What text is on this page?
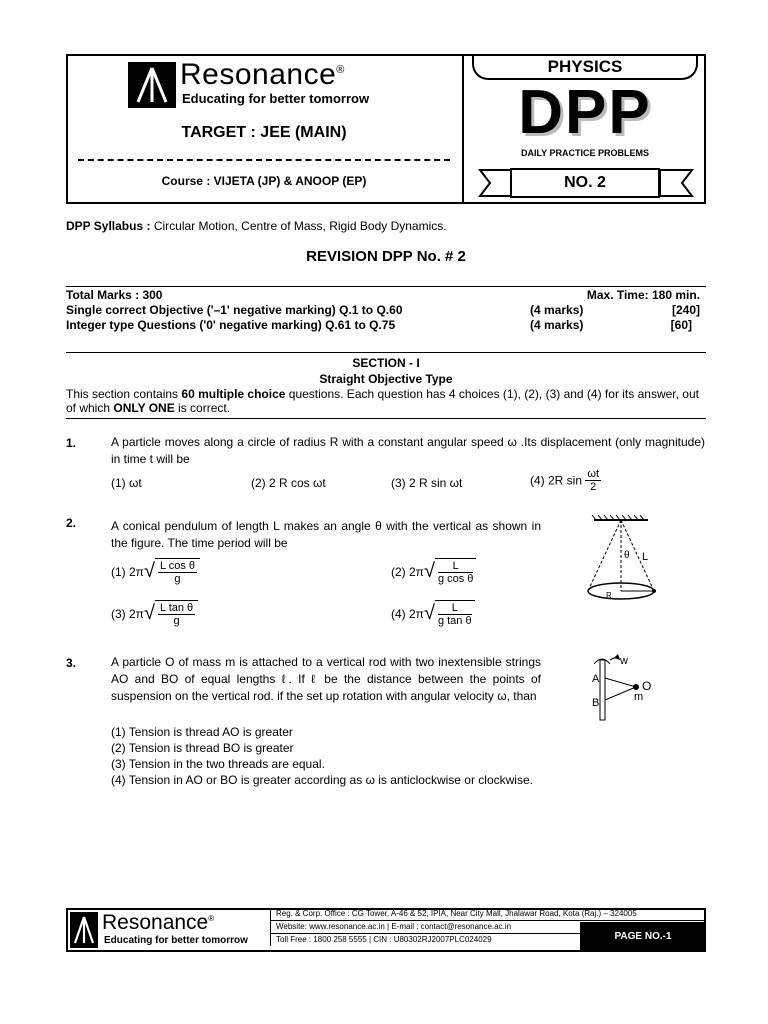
Resonance®
Educating for better tomorrow
TARGET : JEE (MAIN)
Course : VIJETA (JP) & ANOOP (EP)
PHYSICS
DPP
DAILY PRACTICE PROBLEMS
NO. 2
DPP Syllabus : Circular Motion, Centre of Mass, Rigid Body Dynamics.
REVISION DPP No. # 2
Total Marks : 300	Max. Time: 180 min.
Single correct Objective ('–1' negative marking) Q.1 to Q.60	(4 marks)	[240]
Integer type Questions ('0' negative marking) Q.61 to Q.75	(4 marks)	[60]
SECTION - I
Straight Objective Type

This section contains 60 multiple choice questions. Each question has 4 choices (1), (2), (3) and (4) for its answer, out of which ONLY ONE is correct.

1.	A particle moves along a circle of radius R with a constant angular speed ω .Its displacement (only magnitude) in time t will be
(1) ωt	(2) 2 R cos ωt	(3) 2 R sin ωt	(4) 2R $\sin \frac{\omega t}{2}$
2.	A conical pendulum of length L makes an angle θ with the vertical as shown in the figure. The time period will be
(1) 2π √ $\frac{\text{L cos θ}}{g}$	(2) 2π √ $\frac{L}{\text{g cos θ}}$
(3) 2π √ $\frac{\text{L tan θ}}{g}$	(4) 2π √ $\frac{L}{\text{g tan θ}}$
θ L
R
3.	A particle O of mass m is attached to a vertical rod with two inextensible strings AO and BO of equal lengths ℓ. If ℓ be the distance between the points of suspension on the vertical rod. if the set up rotation with angular velocity ω, than
(1) Tension is thread AO is greater
(2) Tension is thread BO is greater
(3) Tension in the two threads are equal.
(4) Tension in AO or BO is greater according as ω is anticlockwise or clockwise.
w
A
B
O
m
Resonance®
Educating for better tomorrow
Reg. & Corp. Office : CG Tower, A-46 & 52, IPIA, Near City Mall, Jhalawar Road, Kota (Raj.) – 324005
Website: www.resonance.ac.in | E-mail : contact@resonance.ac.in
Toll Free : 1800 258 5555 | CIN : U80302RJ2007PLC024029	PAGE NO.-1
